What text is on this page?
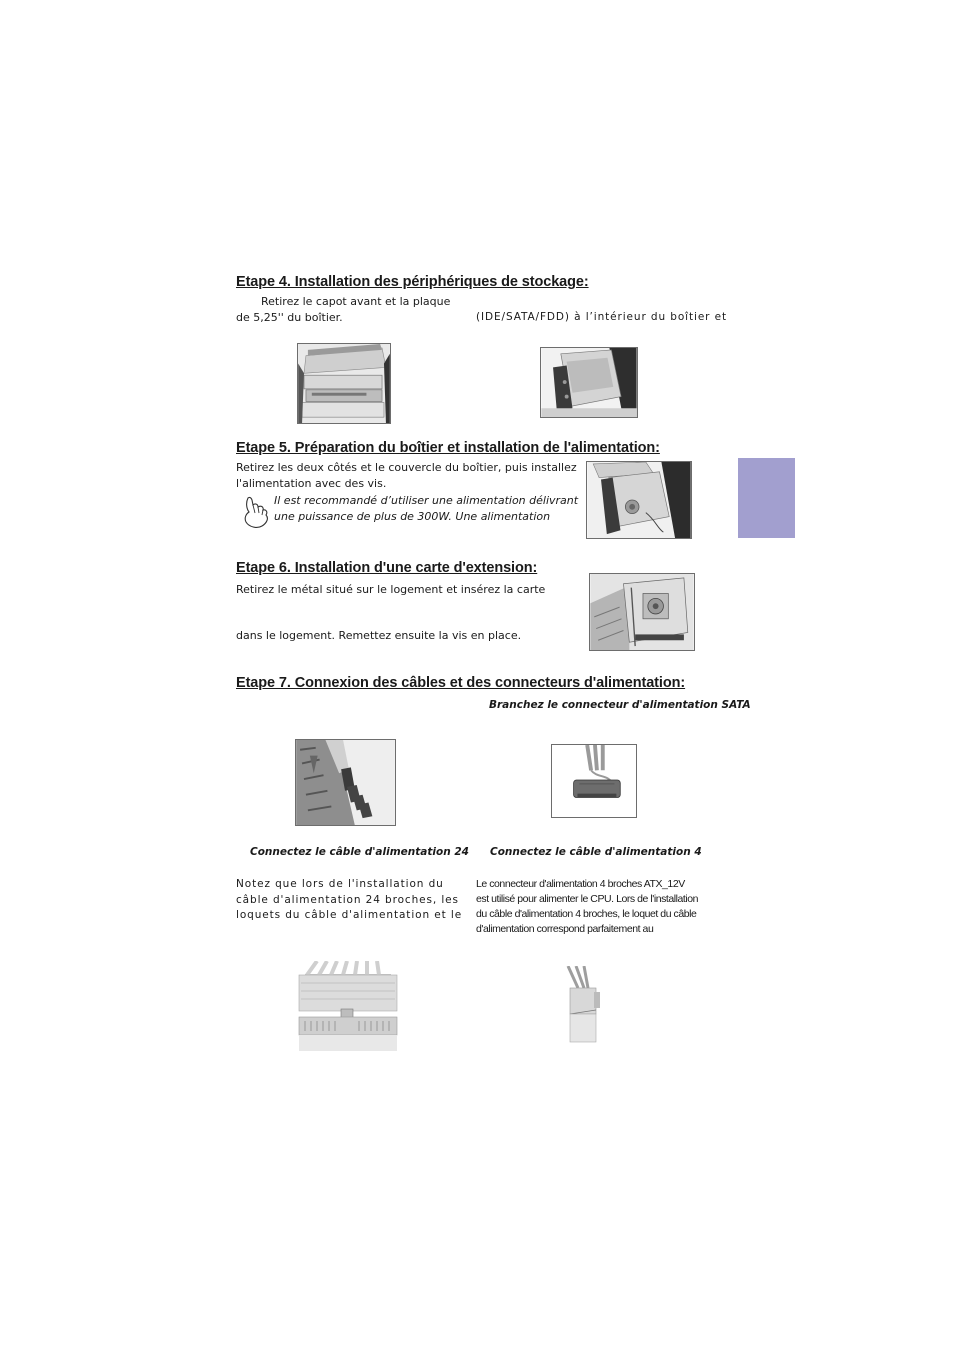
Etape 4. Installation des périphériques de stockage:
Retirez le capot avant et la plaque
de 5,25'' du boîtier.	(IDE/SATA/FDD) à l’intérieur du boîtier et
Etape 5. Préparation du boîtier et installation de l'alimentation:
Retirez les deux côtés et le couvercle du boîtier, puis installez
l'alimentation avec des vis.
Il est recommandé d’utiliser une alimentation délivrant
une puissance de plus de 300W. Une alimentation
Etape 6. Installation d'une carte d'extension:
Retirez le métal situé sur le logement et insérez la carte
dans le logement. Remettez ensuite la vis en place.
Etape 7. Connexion des câbles et des connecteurs d'alimentation:
Branchez le connecteur d'alimentation SATA
Connectez le câble d'alimentation 24 Connectez le câble d'alimentation 4
Notez que lors de l'installation du
câble d'alimentation 24 broches, les
loquets du câble d'alimentation et le
Le connecteur d'alimentation 4 broches ATX_12V
est utilisé pour alimenter le CPU. Lors de l'installation
du câble d'alimentation 4 broches, le loquet du câble
d'alimentation correspond parfaitement au
